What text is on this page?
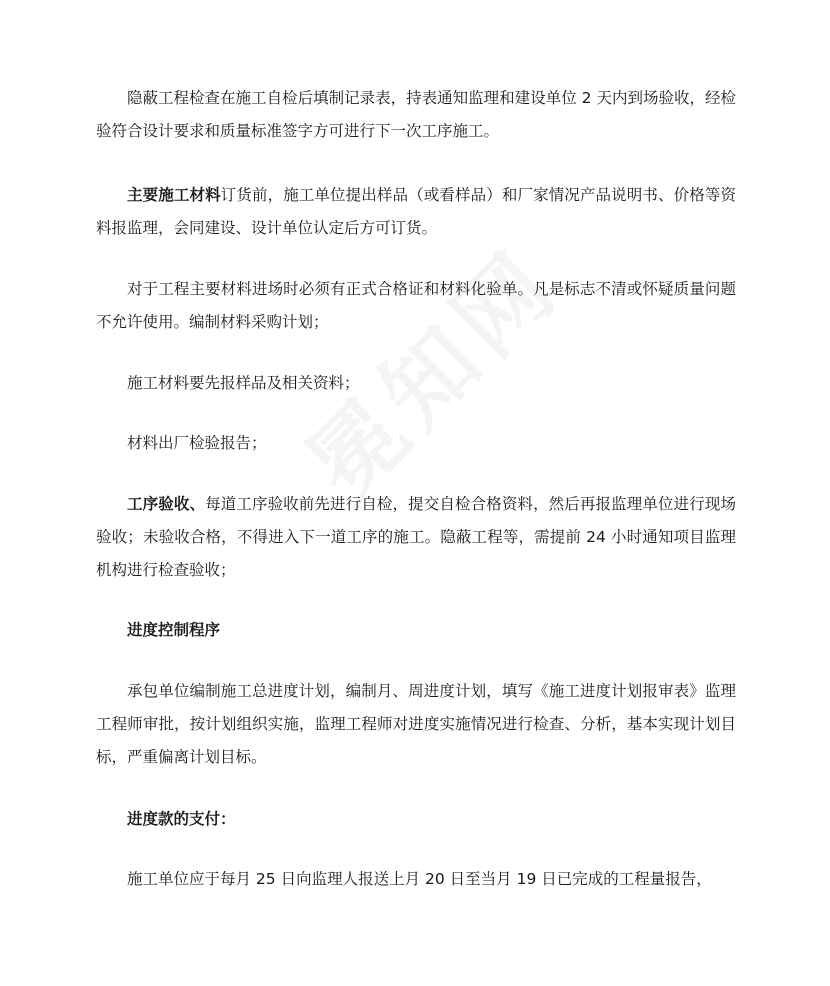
隐蔽工程检查在施工自检后填制记录表，持表通知监理和建设单位 2 天内到场验收，经检验符合设计要求和质量标准签字方可进行下一次工序施工。

主要施工材料订货前，施工单位提出样品（或看样品）和厂家情况产品说明书、价格等资料报监理，会同建设、设计单位认定后方可订货。

对于工程主要材料进场时必须有正式合格证和材料化验单。凡是标志不清或怀疑质量问题不允许使用。编制材料采购计划；

施工材料要先报样品及相关资料；

材料出厂检验报告；

工序验收、每道工序验收前先进行自检，提交自检合格资料，然后再报监理单位进行现场验收；未验收合格，不得进入下一道工序的施工。隐蔽工程等，需提前 24 小时通知项目监理机构进行检查验收；

进度控制程序

承包单位编制施工总进度计划，编制月、周进度计划，填写《施工进度计划报审表》监理工程师审批，按计划组织实施，监理工程师对进度实施情况进行检查、分析，基本实现计划目标，严重偏离计划目标。

进度款的支付：

施工单位应于每月 25 日向监理人报送上月 20 日至当月 19 日已完成的工程量报告，
